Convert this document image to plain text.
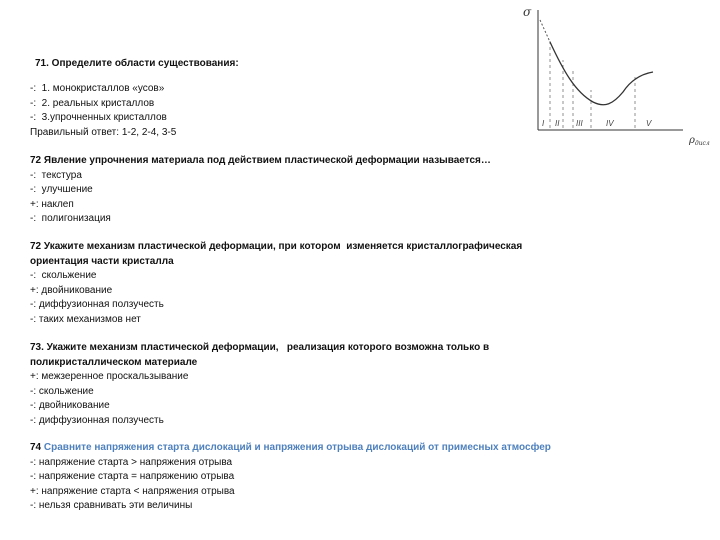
σ
$\rho_{дисл}$
I II III	IV	V
71. Определите области существования:
-:  1. монокристаллов «усов»
-:  2. реальных кристаллов
-:  3.упрочненных кристаллов
Правильный ответ: 1-2, 2-4, 3-5
72 Явление упрочнения материала под действием пластической деформации называется…
-:  текстура
-:  улучшение
+: наклеп
-:  полигонизация
72 Укажите механизм пластической деформации, при котором  изменяется кристаллографическая
ориентация части кристалла
-:  скольжение
+: двойникование
-: диффузионная ползучесть
-: таких механизмов нет
73. Укажите механизм пластической деформации,   реализация которого возможна только в
поликристаллическом материале
+: межзеренное проскальзывание
-: скольжение
-: двойникование
-: диффузионная ползучесть
74 Сравните напряжения старта дислокаций и напряжения отрыва дислокаций от примесных атмосфер
-: напряжение старта > напряжения отрыва
-: напряжение старта = напряжению отрыва
+: напряжение старта < напряжения отрыва
-: нельзя сравнивать эти величины
